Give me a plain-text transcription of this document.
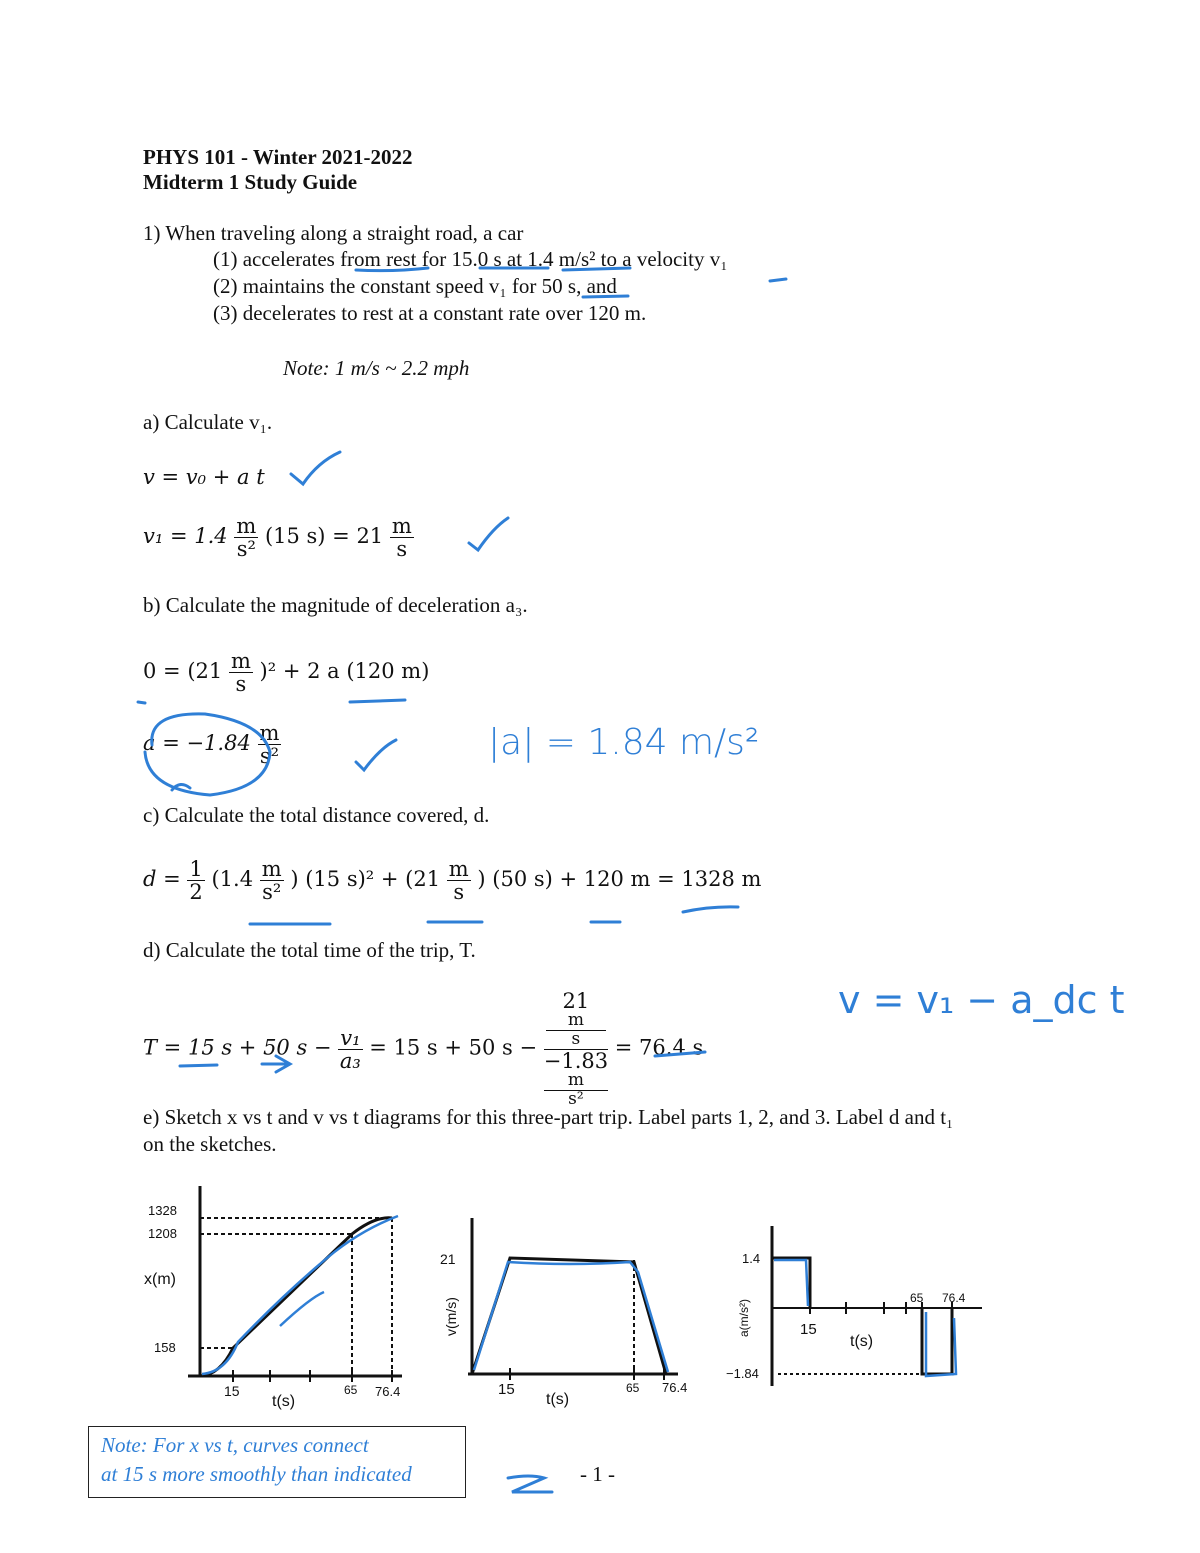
PHYS 101 - Winter 2021-2022
Midterm 1 Study Guide
1) When traveling along a straight road, a car
(1) accelerates from rest for 15.0 s at 1.4 m/s² to a velocity v₁
(2) maintains the constant speed v₁ for 50 s, and
(3) decelerates to rest at a constant rate over 120 m.
Note: 1 m/s ~ 2.2 mph
a) Calculate v₁.
v = v₀ + a t
$v_1 = 1.4 \frac{m}{\text{s²}} (15$ $s) = 21 \frac{m}{s}$
b) Calculate the magnitude of deceleration a₃.
$0 = (21 \frac{m}{s} )^2 + 2$ a (120 m)
$a = -1.84 \frac{m}{\text{s²}}$	|a| = 1.84 m/s²
c) Calculate the total distance covered, d.
$d = \frac{1}{2} (1.4 \frac{m}{\text{s²}}$ ) (15 $s)^2 + (21 \frac{m}{s}$ ) (50 s) + 120 m = 1328 m
d) Calculate the total time of the trip, T.
T = 15 s + 50 $s - \frac{\text{v₁}}{\text{a₃}} = 15$ s + 50 s − 21
m
s
−1.83
m
s² = 76.4 s
v = v₁ − a_dc t
e) Sketch x vs t and v vs t diagrams for this three-part trip. Label parts 1, 2, and 3. Label d and t₁
on the sketches.
1328
1208
x(m)
158
15
t(s)
65 76.4
21
v(m/s)
15
t(s)
65 76.4
1.4
a(m/s²)	15
t(s)
65 76.4
−1.84
Note: For x vs t, curves connect
at 15 s more smoothly than indicated	- 1 -
